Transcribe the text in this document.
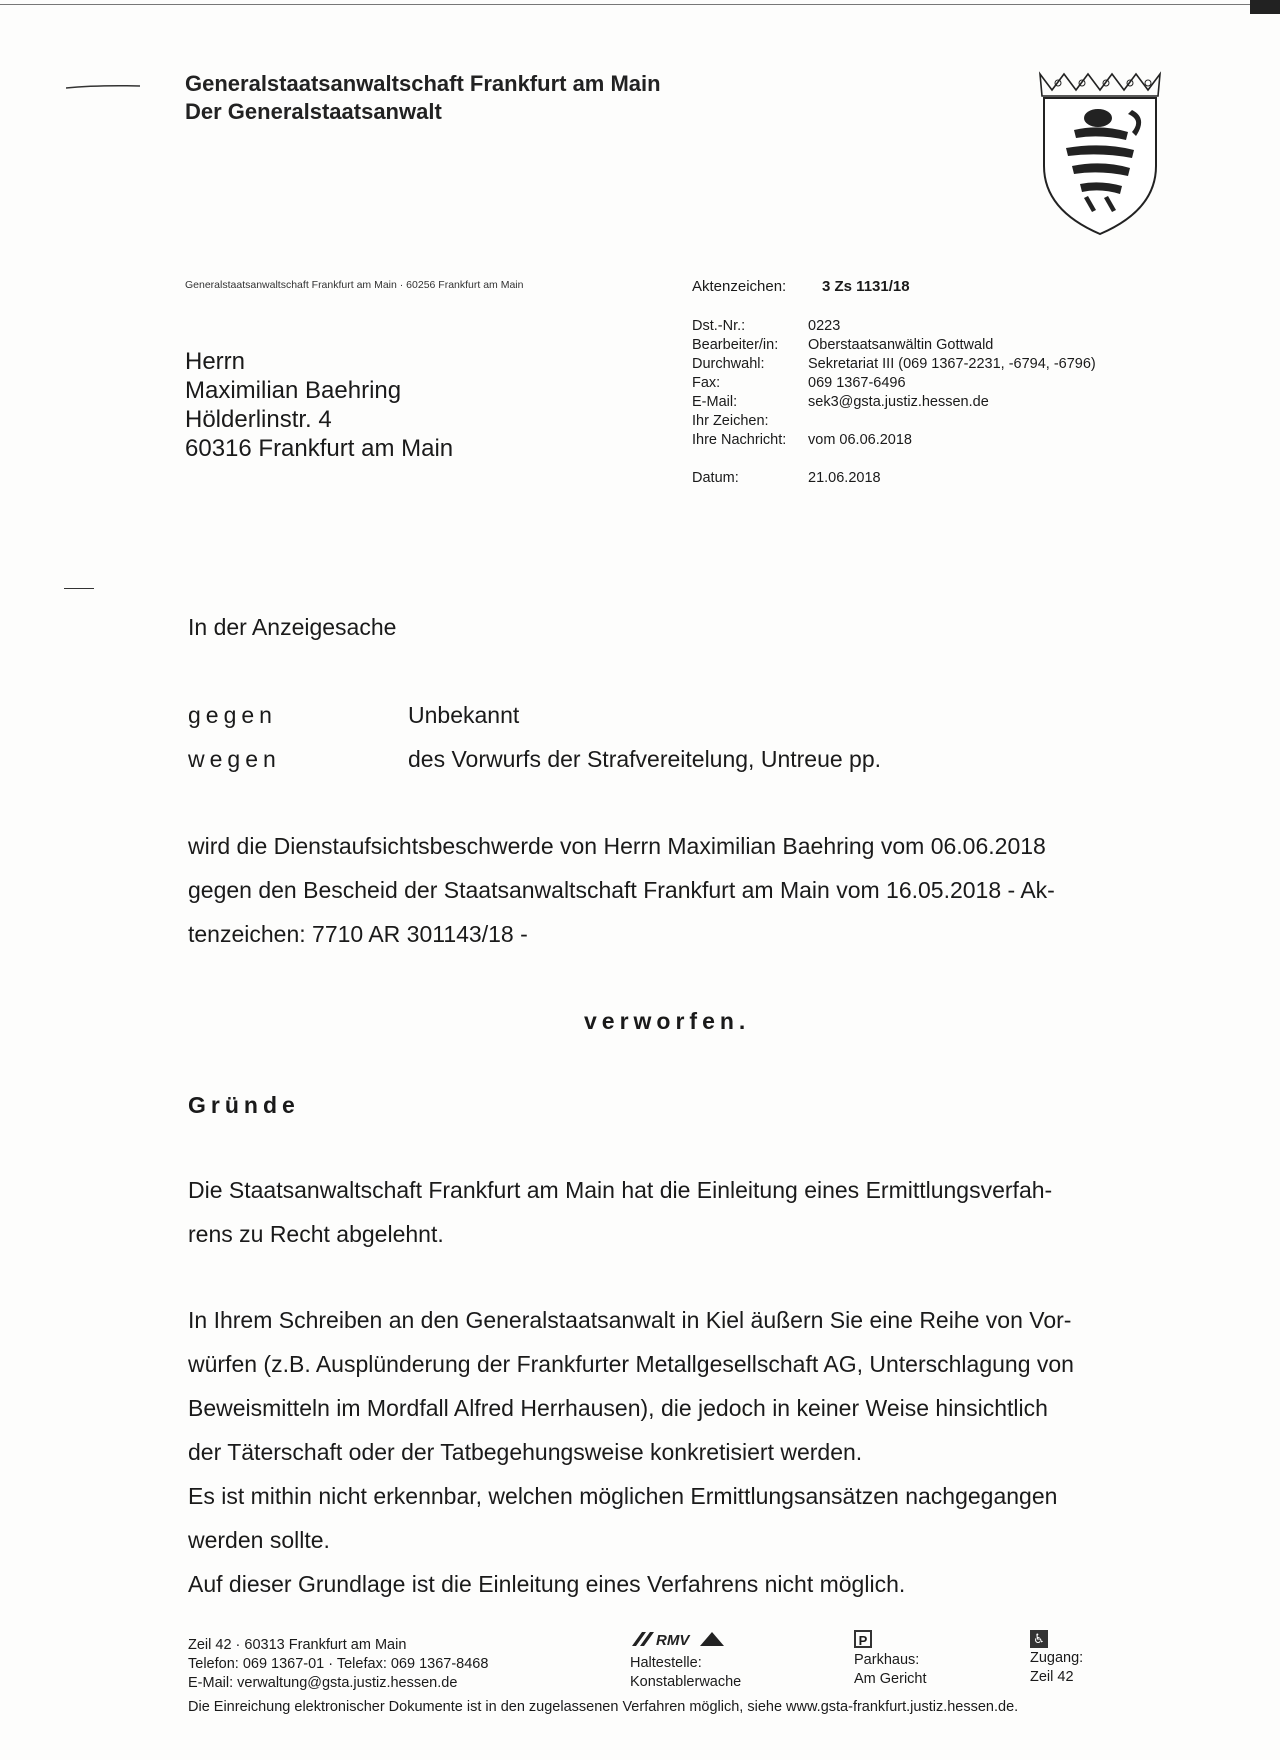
Generalstaatsanwaltschaft Frankfurt am Main
Der Generalstaatsanwalt
Generalstaatsanwaltschaft Frankfurt am Main · 60256 Frankfurt am Main	Aktenzeichen: 3 Zs 1131/18
Dst.-Nr.:	0223
Bearbeiter/in: Oberstaatsanwältin Gottwald
Durchwahl:	Sekretariat III (069 1367-2231, -6794, -6796)
Fax:	069 1367-6496
E-Mail:	sek3@gsta.justiz.hessen.de
Ihr Zeichen:
Ihre Nachricht: vom 06.06.2018
Datum:	21.06.2018
Herrn
Maximilian Baehring
Hölderlinstr. 4
60316 Frankfurt am Main
In der Anzeigesache
gegen	Unbekannt
wegen	des Vorwurfs der Strafvereitelung, Untreue pp.
wird die Dienstaufsichtsbeschwerde von Herrn Maximilian Baehring vom 06.06.2018
gegen den Bescheid der Staatsanwaltschaft Frankfurt am Main vom 16.05.2018 - Ak-
tenzeichen: 7710 AR 301143/18 -
verworfen.
Gründe
Die Staatsanwaltschaft Frankfurt am Main hat die Einleitung eines Ermittlungsverfah-
rens zu Recht abgelehnt.
In Ihrem Schreiben an den Generalstaatsanwalt in Kiel äußern Sie eine Reihe von Vor-
würfen (z.B. Ausplünderung der Frankfurter Metallgesellschaft AG, Unterschlagung von
Beweismitteln im Mordfall Alfred Herrhausen), die jedoch in keiner Weise hinsichtlich
der Täterschaft oder der Tatbegehungsweise konkretisiert werden.
Es ist mithin nicht erkennbar, welchen möglichen Ermittlungsansätzen nachgegangen
werden sollte.
Auf dieser Grundlage ist die Einleitung eines Verfahrens nicht möglich.
Zeil 42 · 60313 Frankfurt am Main
Telefon: 069 1367-01 · Telefax: 069 1367-8468
E-Mail: verwaltung@gsta.justiz.hessen.de
RMV
Haltestelle:
Konstablerwache
P
Parkhaus:
Am Gericht
♿
Zugang:
Zeil 42
Die Einreichung elektronischer Dokumente ist in den zugelassenen Verfahren möglich, siehe www.gsta-frankfurt.justiz.hessen.de.
